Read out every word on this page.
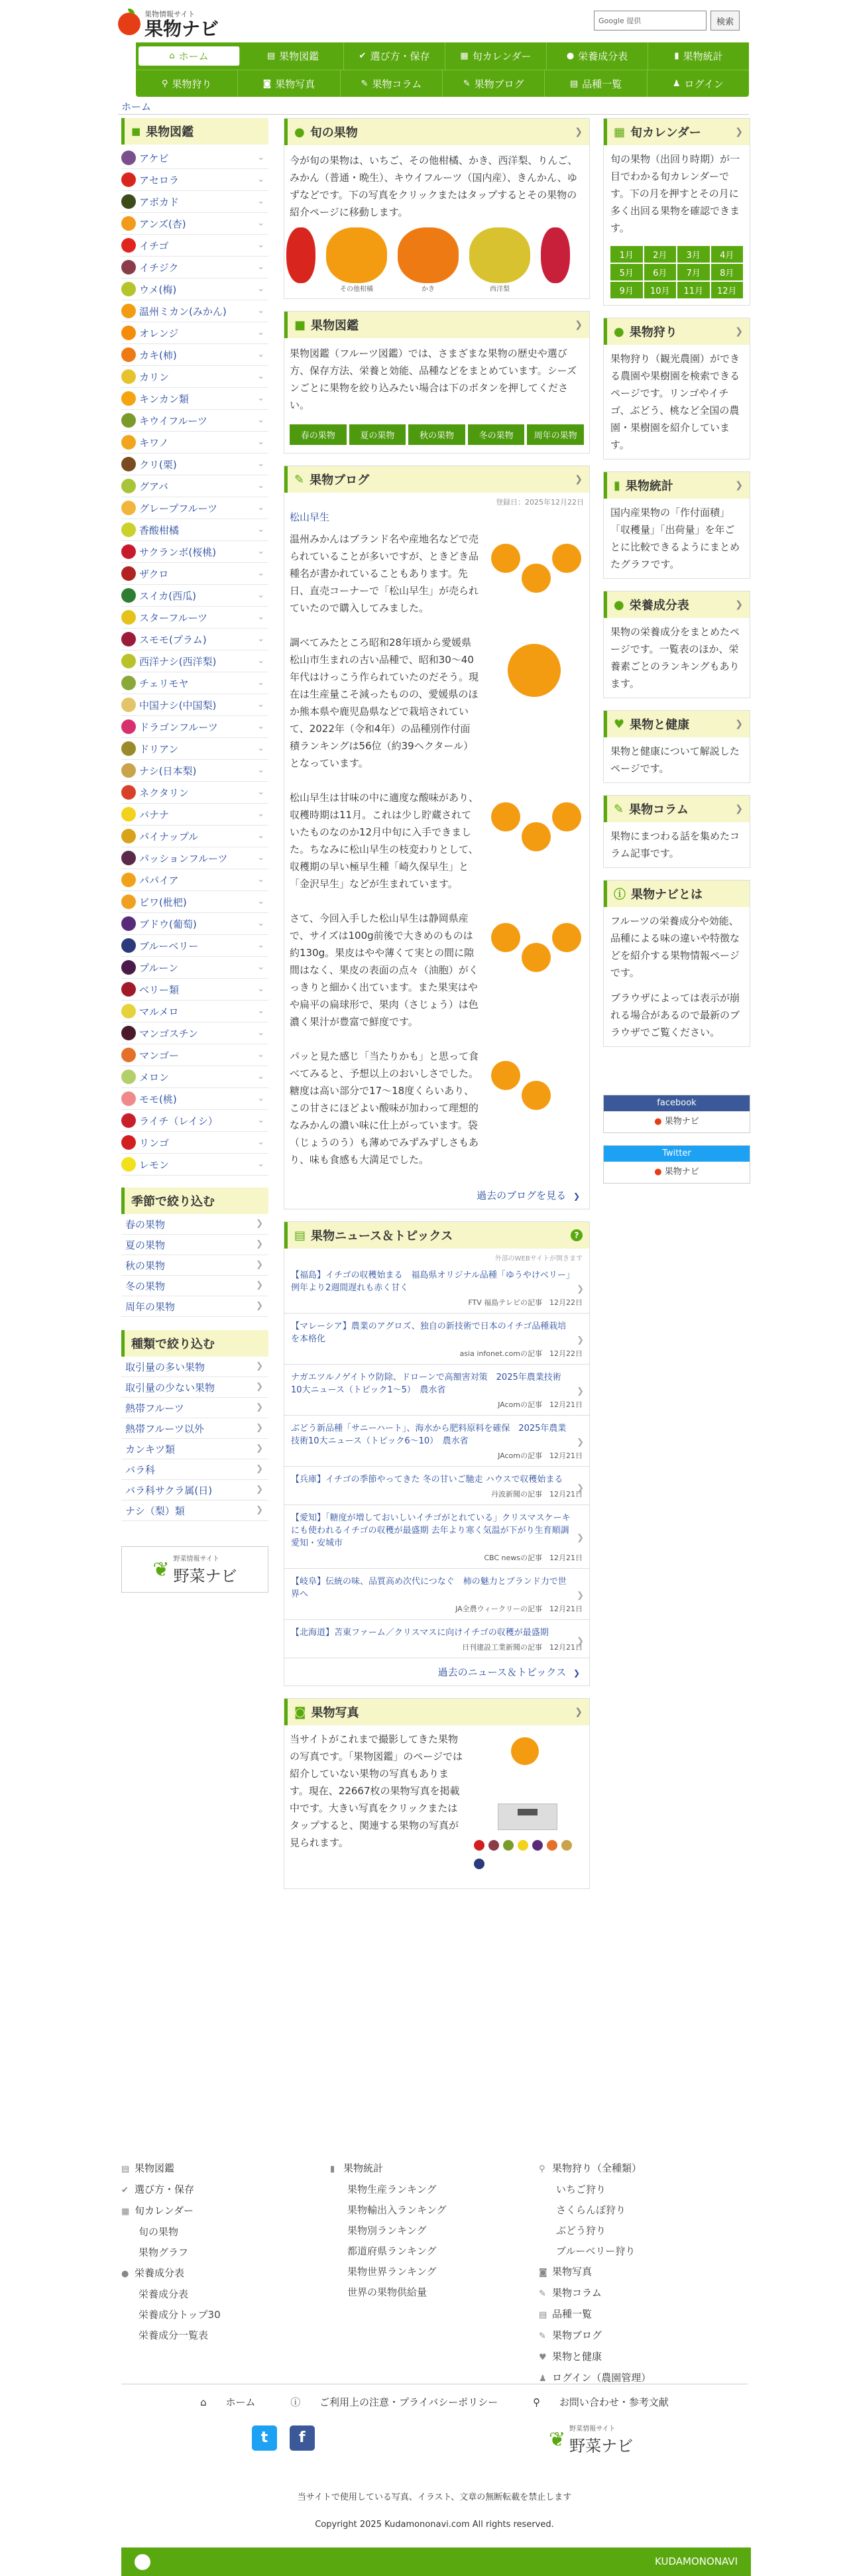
果物情報サイト
果物ナビ	Google 提供	検索
⌂ ホーム	▤ 果物図鑑	✔ 選び方・保存	▦ 旬カレンダー	● 栄養成分表	▮ 果物統計
⚲ 果物狩り	◙ 果物写真	✎ 果物コラム	✎ 果物ブログ	▤ 品種一覧	♟ ログイン
ホーム
■ 果物図鑑
アケビ	⌄
アセロラ	⌄
アボカド	⌄
アンズ(杏)	⌄
イチゴ	⌄
イチジク	⌄
ウメ(梅)	⌄
温州ミカン(みかん)	⌄
オレンジ	⌄
カキ(柿)	⌄
カリン	⌄
キンカン類	⌄
キウイフルーツ	⌄
キワノ	⌄
クリ(栗)	⌄
グアバ	⌄
グレープフルーツ	⌄
香酸柑橘	⌄
サクランボ(桜桃)	⌄
ザクロ	⌄
スイカ(西瓜)	⌄
スターフルーツ	⌄
スモモ(プラム)	⌄
西洋ナシ(西洋梨)	⌄
チェリモヤ	⌄
中国ナシ(中国梨)	⌄
ドラゴンフルーツ	⌄
ドリアン	⌄
ナシ(日本梨)	⌄
ネクタリン	⌄
バナナ	⌄
パイナップル	⌄
パッションフルーツ	⌄
パパイア	⌄
ビワ(枇杷)	⌄
ブドウ(葡萄)	⌄
ブルーベリー	⌄
プルーン	⌄
ベリー類	⌄
マルメロ	⌄
マンゴスチン	⌄
マンゴー	⌄
メロン	⌄
モモ(桃)	⌄
ライチ（レイシ）	⌄
リンゴ	⌄
レモン	⌄
季節で絞り込む
春の果物	❯
夏の果物	❯
秋の果物	❯
冬の果物	❯
周年の果物	❯
種類で絞り込む
取引量の多い果物	❯
取引量の少ない果物	❯
熱帯フルーツ	❯
熱帯フルーツ以外	❯
カンキツ類	❯
バラ科	❯
バラ科サクラ属(日)	❯
ナシ（梨）類	❯
❦ 野菜情報サイト
野菜ナビ
● 旬の果物	❯
今が旬の果物は、いちご、その他柑橘、かき、西洋梨、りんご、みかん（普通・晩生）、キウイフルーツ（国内産）、きんかん、ゆずなどです。下の写真をクリックまたはタップするとその果物の紹介ページに移動します。
その他柑橘	かき	西洋梨
■ 果物図鑑	❯
果物図鑑（フルーツ図鑑）では、さまざまな果物の歴史や選び方、保存方法、栄養と効能、品種などをまとめています。シーズンごとに果物を絞り込みたい場合は下のボタンを押してください。
春の果物	夏の果物	秋の果物	冬の果物	周年の果物
✎ 果物ブログ	❯
登録日：2025年12月22日
松山早生
温州みかんはブランド名や産地名などで売られていることが多いですが、ときどき品種名が書かれていることもあります。先日、直売コーナーで「松山早生」が売られていたので購入してみました。
調べてみたところ昭和28年頃から愛媛県松山市生まれの古い品種で、昭和30〜40年代はけっこう作られていたのだそう。現在は生産量こそ減ったものの、愛媛県のほか熊本県や鹿児島県などで栽培されていて、2022年（令和4年）の品種別作付面積ランキングは56位（約39ヘクタール）となっています。
松山早生は甘味の中に適度な酸味があり、収穫時期は11月。これは少し貯蔵されていたものなのか12月中旬に入手できました。ちなみに松山早生の枝変わりとして、収穫期の早い極早生種「崎久保早生」と「金沢早生」などが生まれています。
さて、今回入手した松山早生は静岡県産で、サイズは100g前後で大きめのものは約130g。果皮はやや薄くて実との間に隙間はなく、果皮の表面の点々（油胞）がくっきりと細かく出ています。また果実はやや扁平の扁球形で、果肉（さじょう）は色濃く果汁が豊富で鮮度です。
パッと見た感じ「当たりかも」と思って食べてみると、予想以上のおいしさでした。糖度は高い部分で17〜18度くらいあり、この甘さにほどよい酸味が加わって理想的なみかんの濃い味に仕上がっています。袋（じょうのう）も薄めでみずみずしさもあり、味も食感も大満足でした。
過去のブログを見る ❯
▤ 果物ニュース＆トピックス	?
外部のWEBサイトが開きます
【福島】イチゴの収穫始まる　福島県オリジナル品種「ゆうやけベリー」例年より2週間遅れも赤く甘く
FTV 福島テレビの記事　12月22日
❯
【マレーシア】農業のアグロズ、独自の新技術で日本のイチゴ品種栽培を本格化
asia infonet.comの記事　12月22日
❯
ナガエツルノゲイトウ防除、ドローンで高額害対策　2025年農業技術10大ニュース（トピック1〜5）　農水省
JAcomの記事　12月21日
❯
ぶどう新品種「サニーハート」、海水から肥料原料を確保　2025年農業技術10大ニュース（トピック6〜10）　農水省
JAcomの記事　12月21日
❯
【兵庫】イチゴの季節やってきた 冬の甘いご馳走 ハウスで収穫始まる
丹波新聞の記事　12月21日
❯
【愛知】「糖度が増しておいしいイチゴがとれている」クリスマスケーキにも使われるイチゴの収穫が最盛期 去年より寒く気温が下がり生育順調 愛知・安城市
CBC newsの記事　12月21日
❯
【岐阜】伝統の味、品質高め次代につなぐ　柿の魅力とブランド力で世界へ
JA全農ウィークリーの記事　12月21日
❯
【北海道】苫東ファーム／クリスマスに向けイチゴの収穫が最盛期
日刊建設工業新聞の記事　12月21日
❯
過去のニュース＆トピックス ❯
◙ 果物写真	❯
当サイトがこれまで撮影してきた果物の写真です。「果物図鑑」のページでは紹介していない果物の写真もあります。現在、22667枚の果物写真を掲載中です。大きい写真をクリックまたはタップすると、関連する果物の写真が見られます。
▦ 旬カレンダー	❯
旬の果物（出回り時期）が一目でわかる旬カレンダーです。下の月を押すとその月に多く出回る果物を確認できます。
1月	2月	3月	4月
5月	6月	7月	8月
9月	10月	11月	12月
● 果物狩り	❯
果物狩り（観光農園）ができる農園や果樹園を検索できるページです。リンゴやイチゴ、ぶどう、桃など全国の農園・果樹園を紹介しています。
▮ 果物統計	❯
国内産果物の「作付面積」「収穫量」「出荷量」を年ごとに比較できるようにまとめたグラフです。
● 栄養成分表	❯
果物の栄養成分をまとめたページです。一覧表のほか、栄養素ごとのランキングもあります。
♥ 果物と健康	❯
果物と健康について解説したページです。
✎ 果物コラム	❯
果物にまつわる話を集めたコラム記事です。
ⓘ 果物ナビとは
フルーツの栄養成分や効能、品種による味の違いや特徴などを紹介する果物情報ページです。
ブラウザによっては表示が崩れる場合があるので最新のブラウザでご覧ください。
facebook
● 果物ナビ
Twitter
● 果物ナビ
▤ 果物図鑑
✔ 選び方・保存
▦ 旬カレンダー
旬の果物
果物グラフ
● 栄養成分表
栄養成分表
栄養成分トップ30
栄養成分一覧表
▮ 果物統計
果物生産ランキング
果物輸出入ランキング
果物別ランキング
都道府県ランキング
果物世界ランキング
世界の果物供給量
⚲ 果物狩り（全種類）
いちご狩り
さくらんぼ狩り
ぶどう狩り
ブルーベリー狩り
◙ 果物写真
✎ 果物コラム
▤ 品種一覧
✎ 果物ブログ
♥ 果物と健康
♟ ログイン（農園管理）
⌂ ホーム	ⓘ ご利用上の注意・プライバシーポリシー	⚲ お問い合わせ・参考文献
t f	❦ 野菜情報サイト
野菜ナビ
当サイトで使用している写真、イラスト、文章の無断転載を禁止します
Copyright 2025 Kudamononavi.com All rights reserved.
KUDAMONONAVI
